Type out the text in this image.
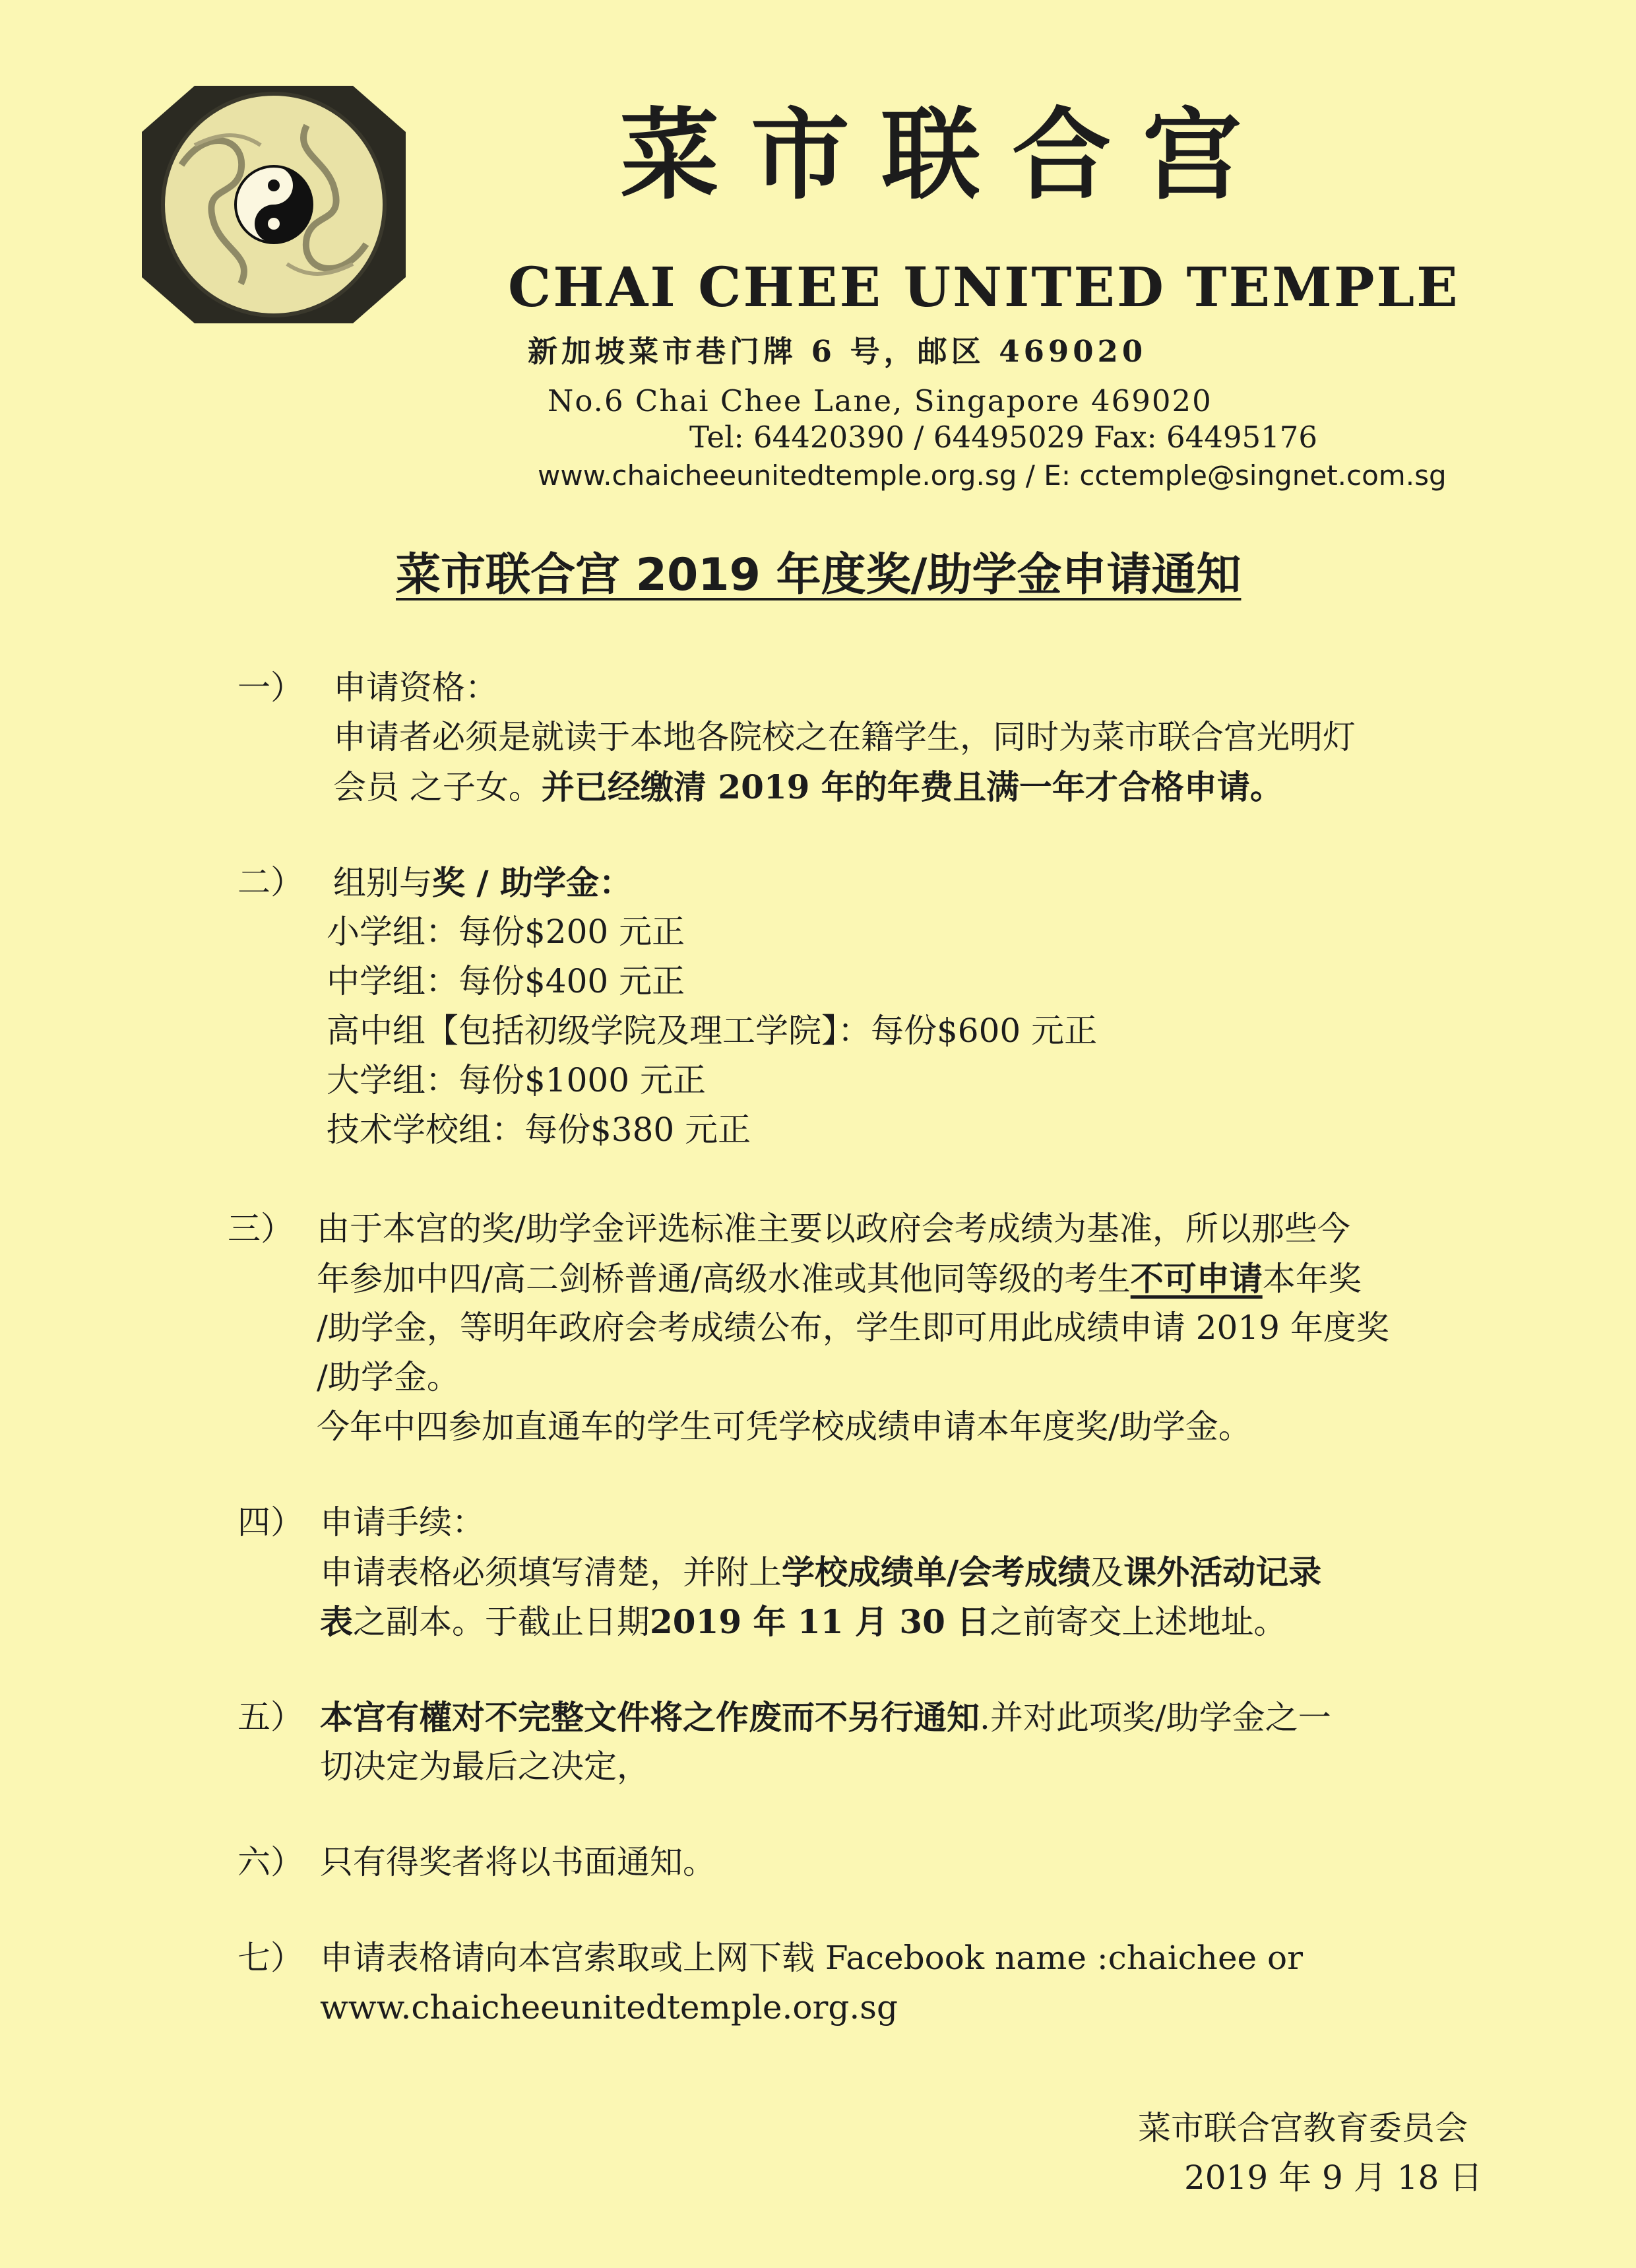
菜市联合宫
CHAI CHEE UNITED TEMPLE
新加坡菜市巷门牌 6 号，邮区 469020
No.6 Chai Chee Lane, Singapore 469020
Tel: 64420390 / 64495029 Fax: 64495176
www.chaicheeunitedtemple.org.sg / E: cctemple@singnet.com.sg
菜市联合宫 2019 年度奖/助学金申请通知
一） 申请资格：
申请者必须是就读于本地各院校之在籍学生，同时为菜市联合宫光明灯
会员 之子女。并已经缴清 2019 年的年费且满一年才合格申请。
二） 组别与奖 / 助学金：
小学组：每份$200 元正
中学组：每份$400 元正
高中组【包括初级学院及理工学院】：每份$600 元正
大学组：每份$1000 元正
技术学校组：每份$380 元正
三） 由于本宫的奖/助学金评选标准主要以政府会考成绩为基准，所以那些今
年参加中四/高二剑桥普通/高级水准或其他同等级的考生不可申请本年奖
/助学金，等明年政府会考成绩公布，学生即可用此成绩申请 2019 年度奖
/助学金。
今年中四参加直通车的学生可凭学校成绩申请本年度奖/助学金。
四） 申请手续：
申请表格必须填写清楚，并附上学校成绩单/会考成绩及课外活动记录
表之副本。于截止日期2019 年 11 月 30 日之前寄交上述地址。
五） 本宫有權对不完整文件将之作废而不另行通知.并对此项奖/助学金之一
切决定为最后之决定，
六） 只有得奖者将以书面通知。
七） 申请表格请向本宫索取或上网下载 Facebook name :chaichee or
www.chaicheeunitedtemple.org.sg
菜市联合宫教育委员会
2019 年 9 月 18 日
